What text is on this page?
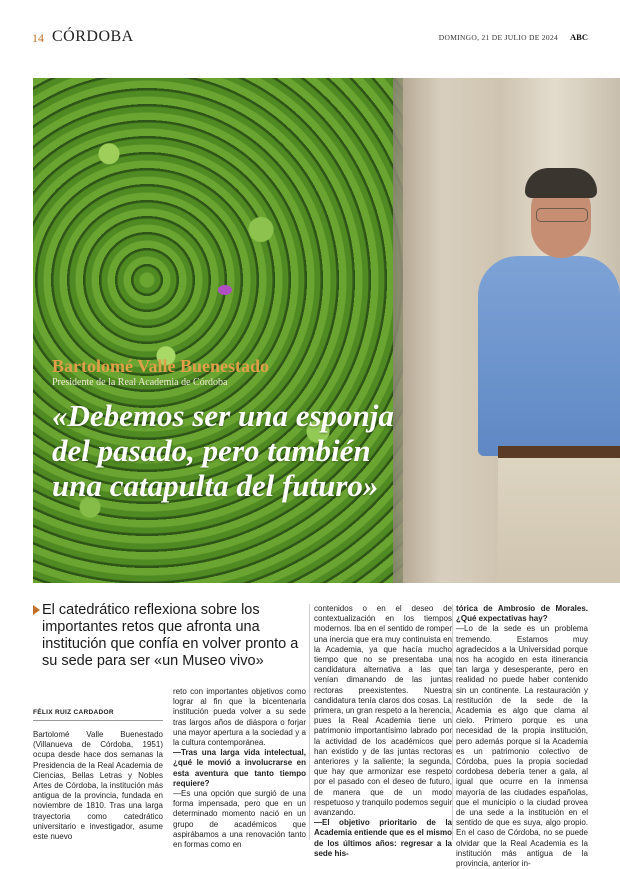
14 CÓRDOBA	DOMINGO, 21 DE JULIO DE 2024 ABC
Bartolomé Valle Buenestado
Presidente de la Real Academia de Córdoba
«Debemos ser una esponja del pasado, pero también una catapulta del futuro»
El catedrático reflexiona sobre los importantes retos que afronta una institución que confía en volver pronto a su sede para ser «un Museo vivo»
FÉLIX RUIZ CARDADOR

Bartolomé Valle Buenestado (Villanueva de Córdoba, 1951) ocupa desde hace dos semanas la Presidencia de la Real Academia de Ciencias, Bellas Letras y Nobles Artes de Córdoba, la institución más antigua de la provincia, fundada en noviembre de 1810. Tras una larga trayectoria como catedrático universitario e investigador, asume este nuevo

reto con importantes objetivos como lograr al fin que la bicentenaria institución pueda volver a su sede tras largos años de diáspora o forjar una mayor apertura a la sociedad y a la cultura contemporánea.

—Tras una larga vida intelectual, ¿qué le movió a involucrarse en esta aventura que tanto tiempo requiere?

—Es una opción que surgió de una forma impensada, pero que en un determinado momento nació en un grupo de académicos que aspirábamos a una renovación tanto en formas como en

contenidos o en el deseo de contextualización en los tiempos modernos. Iba en el sentido de romper una inercia que era muy continuista en la Academia, ya que hacía mucho tiempo que no se presentaba una candidatura alternativa a las que venían dimanando de las juntas rectoras preexistentes. Nuestra candidatura tenía claros dos cosas. La primera, un gran respeto a la herencia, pues la Real Academia tiene un patrimonio importantísimo labrado por la actividad de los académicos que han existido y de las juntas rectoras anteriores y la saliente; la segunda, que hay que armonizar ese respeto por el pasado con el deseo de futuro, de manera que de un modo respetuoso y tranquilo podemos seguir avanzando.

—El objetivo prioritario de la Academia entiende que es el mismo de los últimos años: regresar a la sede his-

tórica de Ambrosio de Morales. ¿Qué expectativas hay?

—Lo de la sede es un problema tremendo. Estamos muy agradecidos a la Universidad porque nos ha acogido en esta itinerancia tan larga y desesperante, pero en realidad no puede haber contenido sin un continente. La restauración y restitución de la sede de la Academia es algo que clama al cielo. Primero porque es una necesidad de la propia institución, pero además porque si la Academia es un patrimonio colectivo de Córdoba, pues la propia sociedad cordobesa debería tener a gala, al igual que ocurre en la inmensa mayoría de las ciudades españolas, que el municipio o la ciudad provea de una sede a la institución en el sentido de que es suya, algo propio. En el caso de Córdoba, no se puede olvidar que la Real Academia es la institución más antigua de la provincia, anterior in-
